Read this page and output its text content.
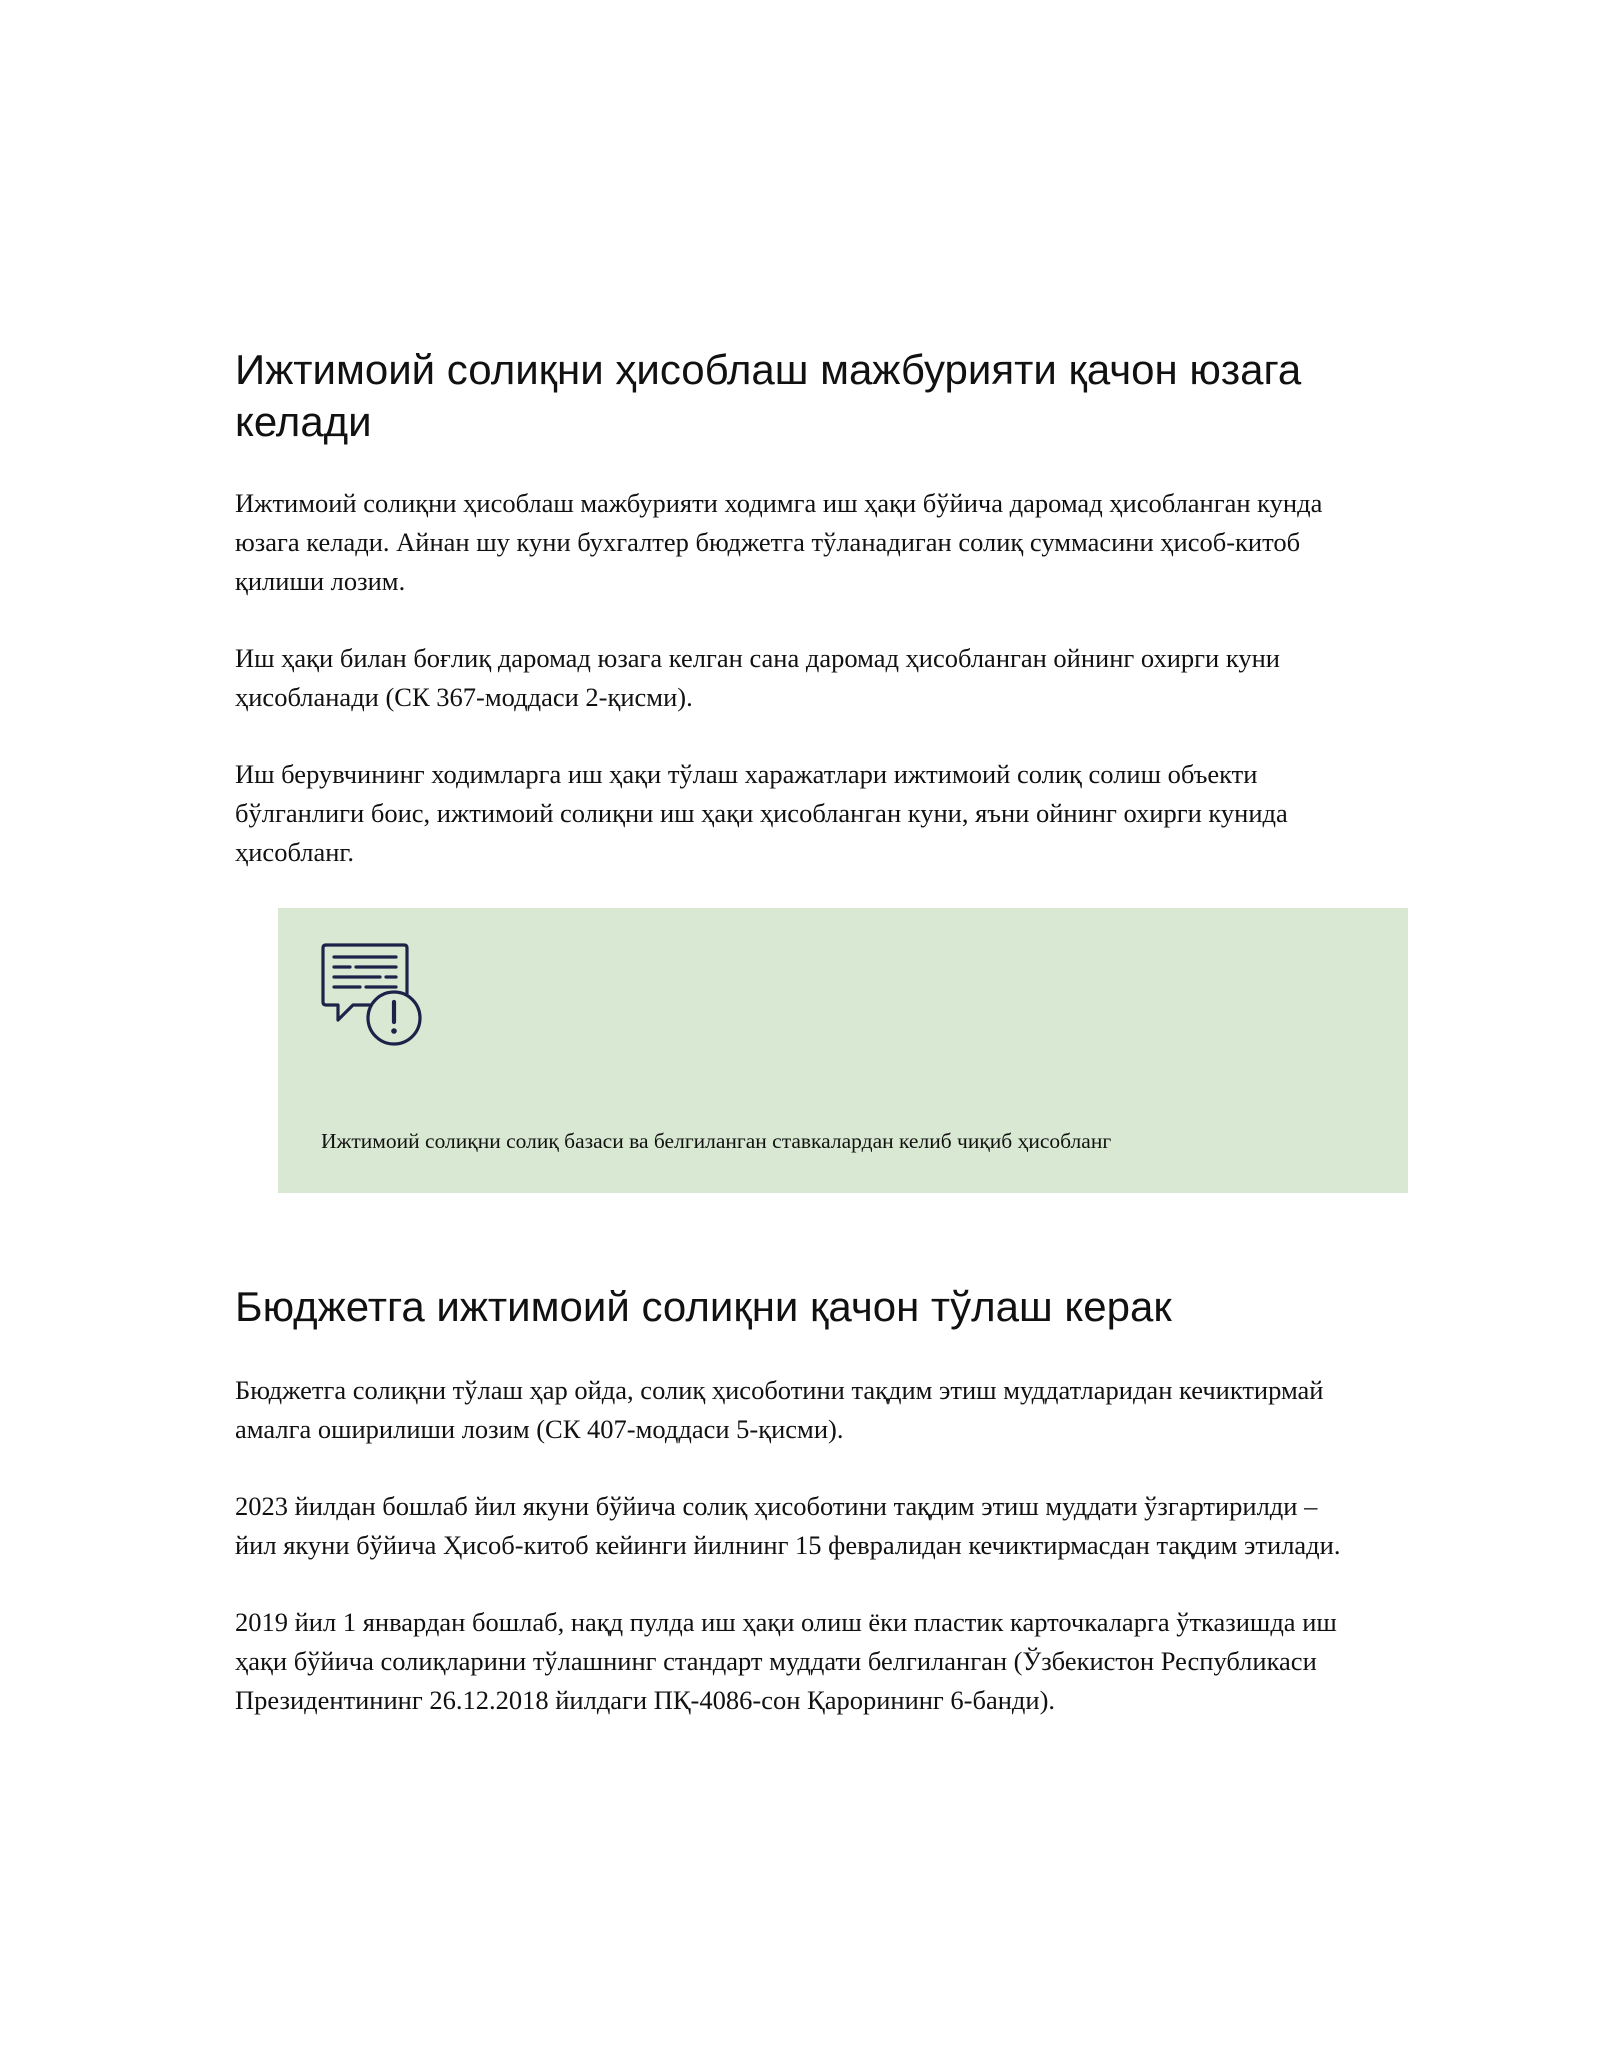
Ижтимоий солиқни ҳисоблаш мажбурияти қачон юзага келади

Ижтимоий солиқни ҳисоблаш мажбурияти ходимга иш ҳақи бўйича даромад ҳисобланган кунда юзага келади. Айнан шу куни бухгалтер бюджетга тўланадиган солиқ суммасини ҳисоб-китоб қилиши лозим.

Иш ҳақи билан боғлиқ даромад юзага келган сана даромад ҳисобланган ойнинг охирги куни ҳисобланади (СК 367-моддаси 2-қисми).

Иш берувчининг ходимларга иш ҳақи тўлаш харажатлари ижтимоий солиқ солиш объекти бўлганлиги боис, ижтимоий солиқни иш ҳақи ҳисобланган куни, яъни ойнинг охирги кунида ҳисобланг.

Ижтимоий солиқни солиқ базаси ва белгиланган ставкалардан келиб чиқиб ҳисобланг
Бюджетга ижтимоий солиқни қачон тўлаш керак

Бюджетга солиқни тўлаш ҳар ойда, солиқ ҳисоботини тақдим этиш муддатларидан кечиктирмай амалга оширилиши лозим (СК 407-моддаси 5-қисми).

2023 йилдан бошлаб йил якуни бўйича солиқ ҳисоботини тақдим этиш муддати ўзгартирилди – йил якуни бўйича Ҳисоб-китоб кейинги йилнинг 15 февралидан кечиктирмасдан тақдим этилади.

2019 йил 1 январдан бошлаб, нақд пулда иш ҳақи олиш ёки пластик карточкаларга ўтказишда иш ҳақи бўйича солиқларини тўлашнинг стандарт муддати белгиланган (Ўзбекистон Республикаси Президентининг 26.12.2018 йилдаги ПҚ-4086-сон Қарорининг 6-банди).
